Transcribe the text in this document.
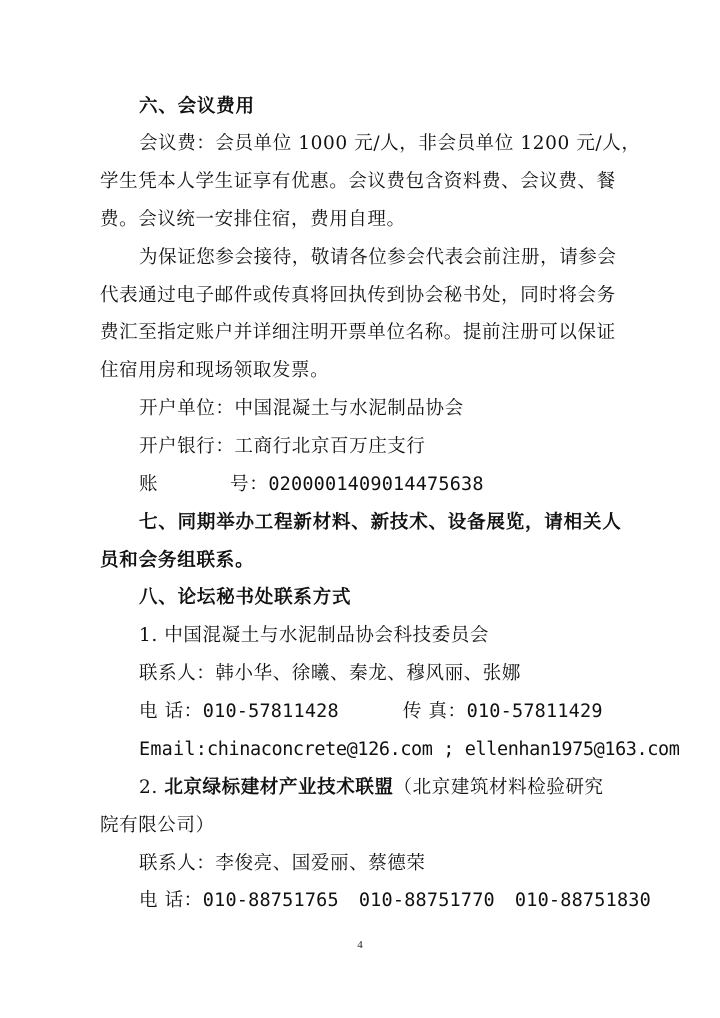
六、会议费用
会议费：会员单位 1000 元/人，非会员单位 1200 元/人，
学生凭本人学生证享有优惠。会议费包含资料费、会议费、餐
费。会议统一安排住宿，费用自理。
为保证您参会接待，敬请各位参会代表会前注册，请参会
代表通过电子邮件或传真将回执传到协会秘书处，同时将会务
费汇至指定账户并详细注明开票单位名称。提前注册可以保证
住宿用房和现场领取发票。
开户单位：中国混凝土与水泥制品协会
开户银行：工商行北京百万庄支行
账	号：0200001409014475638
七、同期举办工程新材料、新技术、设备展览，请相关人
员和会务组联系。
八、论坛秘书处联系方式
1. 中国混凝土与水泥制品协会科技委员会
联系人：韩小华、徐曦、秦龙、穆风丽、张娜
电 话：010-57811428	传 真：010-57811429
Email:chinaconcrete@126.com ; ellenhan1975@163.com
2. 北京绿标建材产业技术联盟（北京建筑材料检验研究
院有限公司）
联系人：李俊亮、国爱丽、蔡德荣
电 话：010-88751765 010-88751770 010-88751830
4
